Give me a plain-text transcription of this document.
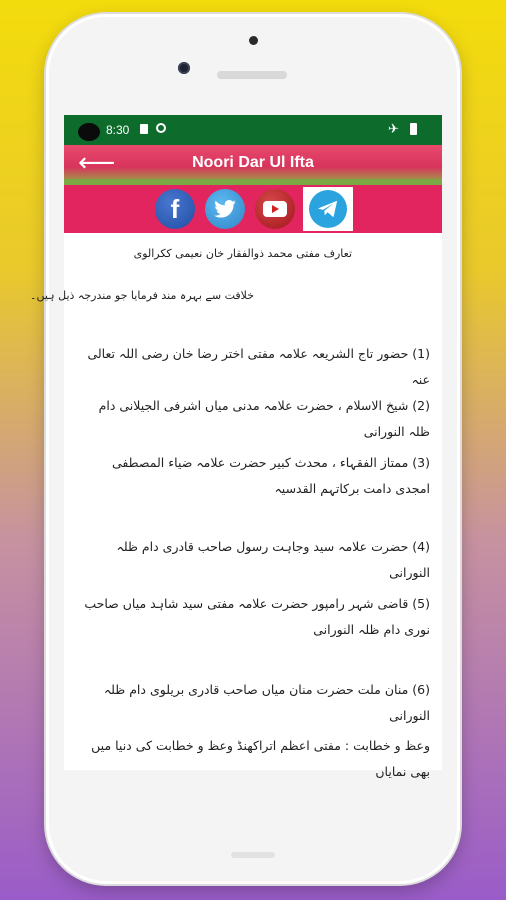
8:30	✈
⟵	Noori Dar Ul Ifta
f
تعارف مفتی محمد ذوالفقار خان نعیمی ککرالوی
خلافت سے بہرہ مند فرمایا جو مندرجہ ذیل ہیں۔
(1) حضور تاج الشریعہ علامہ مفتی اختر رضا خان رضی اللہ تعالی عنہ
(2) شیخ الاسلام ، حضرت علامہ مدنی میاں اشرفی الجیلانی دام ظلہ النورانی
(3) ممتاز الفقہاء ، محدث کبیر حضرت علامہ ضیاء المصطفی امجدی دامت برکاتہم القدسیہ
(4) حضرت علامہ سید وجاہت رسول صاحب قادری دام ظلہ النورانی
(5) قاضی شہر رامپور حضرت علامہ مفتی سید شاہد میاں صاحب نوری دام ظلہ النورانی
(6) منان ملت حضرت منان میاں صاحب قادری بریلوی دام ظلہ النورانی
وعظ و خطابت : مفتی اعظم اتراکھنڈ وعظ و خطابت کی دنیا میں بھی نمایاں
